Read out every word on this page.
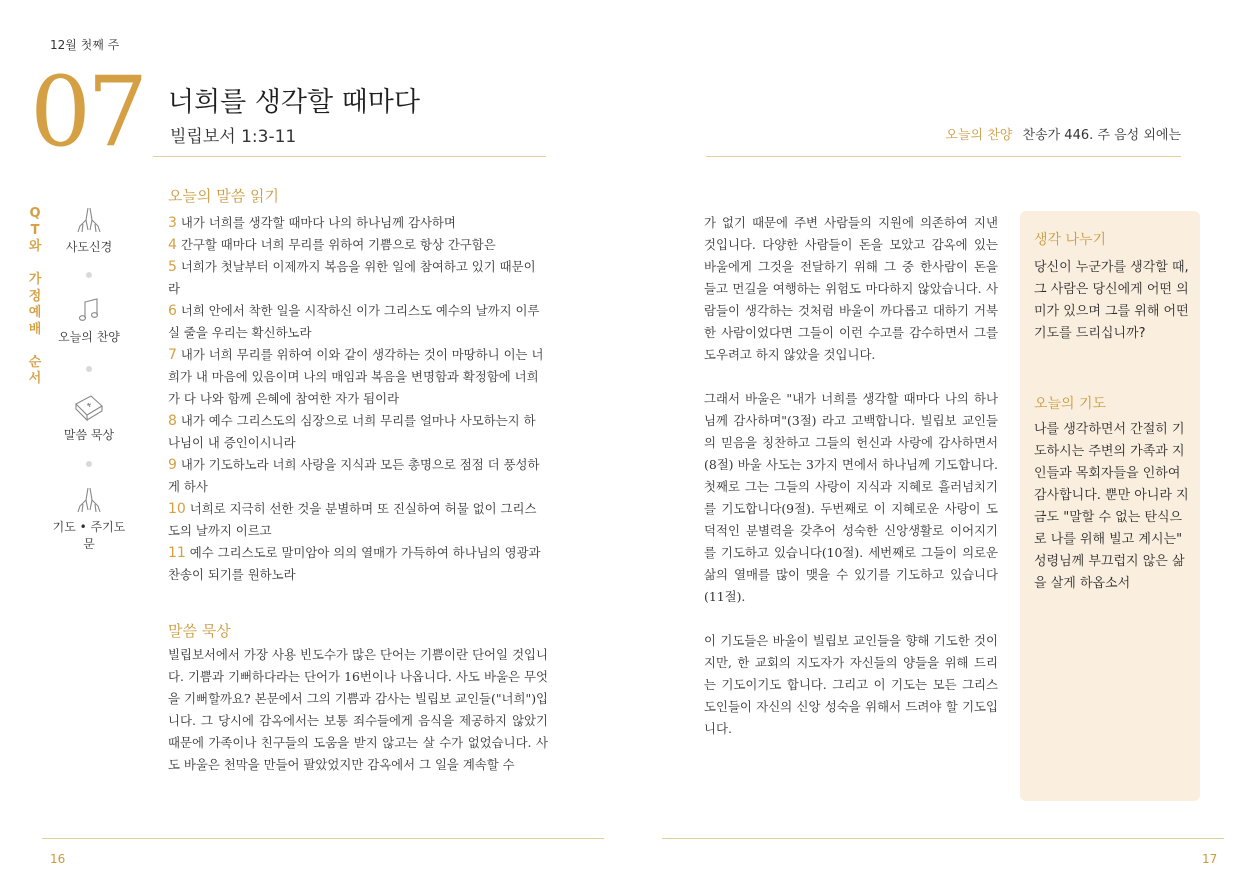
12월 첫째 주
07 너희를 생각할 때마다
빌립보서 1:3-11	오늘의 찬양 찬송가 446. 주 음성 외에는
Q
T
와
가
정
예
배
순
서
사도신경
오늘의 찬양
말씀 묵상
기도 • 주기도문
오늘의 말씀 읽기
3 내가 너희를 생각할 때마다 나의 하나님께 감사하며
4 간구할 때마다 너희 무리를 위하여 기쁨으로 항상 간구함은
5 너희가 첫날부터 이제까지 복음을 위한 일에 참여하고 있기 때문이라
6 너희 안에서 착한 일을 시작하신 이가 그리스도 예수의 날까지 이루실 줄을 우리는 확신하노라
7 내가 너희 무리를 위하여 이와 같이 생각하는 것이 마땅하니 이는 너희가 내 마음에 있음이며 나의 매임과 복음을 변명함과 확정함에 너희가 다 나와 함께 은혜에 참여한 자가 됨이라
8 내가 예수 그리스도의 심장으로 너희 무리를 얼마나 사모하는지 하나님이 내 증인이시니라
9 내가 기도하노라 너희 사랑을 지식과 모든 총명으로 점점 더 풍성하게 하사
10 너희로 지극히 선한 것을 분별하며 또 진실하여 허물 없이 그리스도의 날까지 이르고
11 예수 그리스도로 말미암아 의의 열매가 가득하여 하나님의 영광과 찬송이 되기를 원하노라
말씀 묵상
빌립보서에서 가장 사용 빈도수가 많은 단어는 기쁨이란 단어일 것입니다. 기쁨과 기뻐하다라는 단어가 16번이나 나옵니다. 사도 바울은 무엇을 기뻐할까요? 본문에서 그의 기쁨과 감사는 빌립보 교인들("너희")입니다. 그 당시에 감옥에서는 보통 죄수들에게 음식을 제공하지 않았기 때문에 가족이나 친구들의 도움을 받지 않고는 살 수가 없었습니다. 사도 바울은 천막을 만들어 팔았었지만 감옥에서 그 일을 계속할 수

가 없기 때문에 주변 사람들의 지원에 의존하여 지낸 것입니다. 다양한 사람들이 돈을 모았고 감옥에 있는 바울에게 그것을 전달하기 위해 그 중 한사람이 돈을 들고 먼길을 여행하는 위험도 마다하지 않았습니다. 사람들이 생각하는 것처럼 바울이 까다롭고 대하기 거북한 사람이었다면 그들이 이런 수고를 감수하면서 그를 도우려고 하지 않았을 것입니다.

그래서 바울은 "내가 너희를 생각할 때마다 나의 하나님께 감사하며"(3절) 라고 고백합니다. 빌립보 교인들의 믿음을 칭찬하고 그들의 헌신과 사랑에 감사하면서(8절) 바울 사도는 3가지 면에서 하나님께 기도합니다. 첫째로 그는 그들의 사랑이 지식과 지혜로 흘러넘치기를 기도합니다(9절). 두번째로 이 지혜로운 사랑이 도덕적인 분별력을 갖추어 성숙한 신앙생활로 이어지기를 기도하고 있습니다(10절). 세번째로 그들이 의로운 삶의 열매를 많이 맺을 수 있기를 기도하고 있습니다(11절).

이 기도들은 바울이 빌립보 교인들을 향해 기도한 것이지만, 한 교회의 지도자가 자신들의 양들을 위해 드리는 기도이기도 합니다. 그리고 이 기도는 모든 그리스도인들이 자신의 신앙 성숙을 위해서 드려야 할 기도입니다.

생각 나누기
당신이 누군가를 생각할 때, 그 사람은 당신에게 어떤 의미가 있으며 그를 위해 어떤 기도를 드리십니까?
오늘의 기도
나를 생각하면서 간절히 기도하시는 주변의 가족과 지인들과 목회자들을 인하여 감사합니다. 뿐만 아니라 지금도 "말할 수 없는 탄식으로 나를 위해 빌고 계시는" 성령님께 부끄럽지 않은 삶을 살게 하옵소서
16	17
